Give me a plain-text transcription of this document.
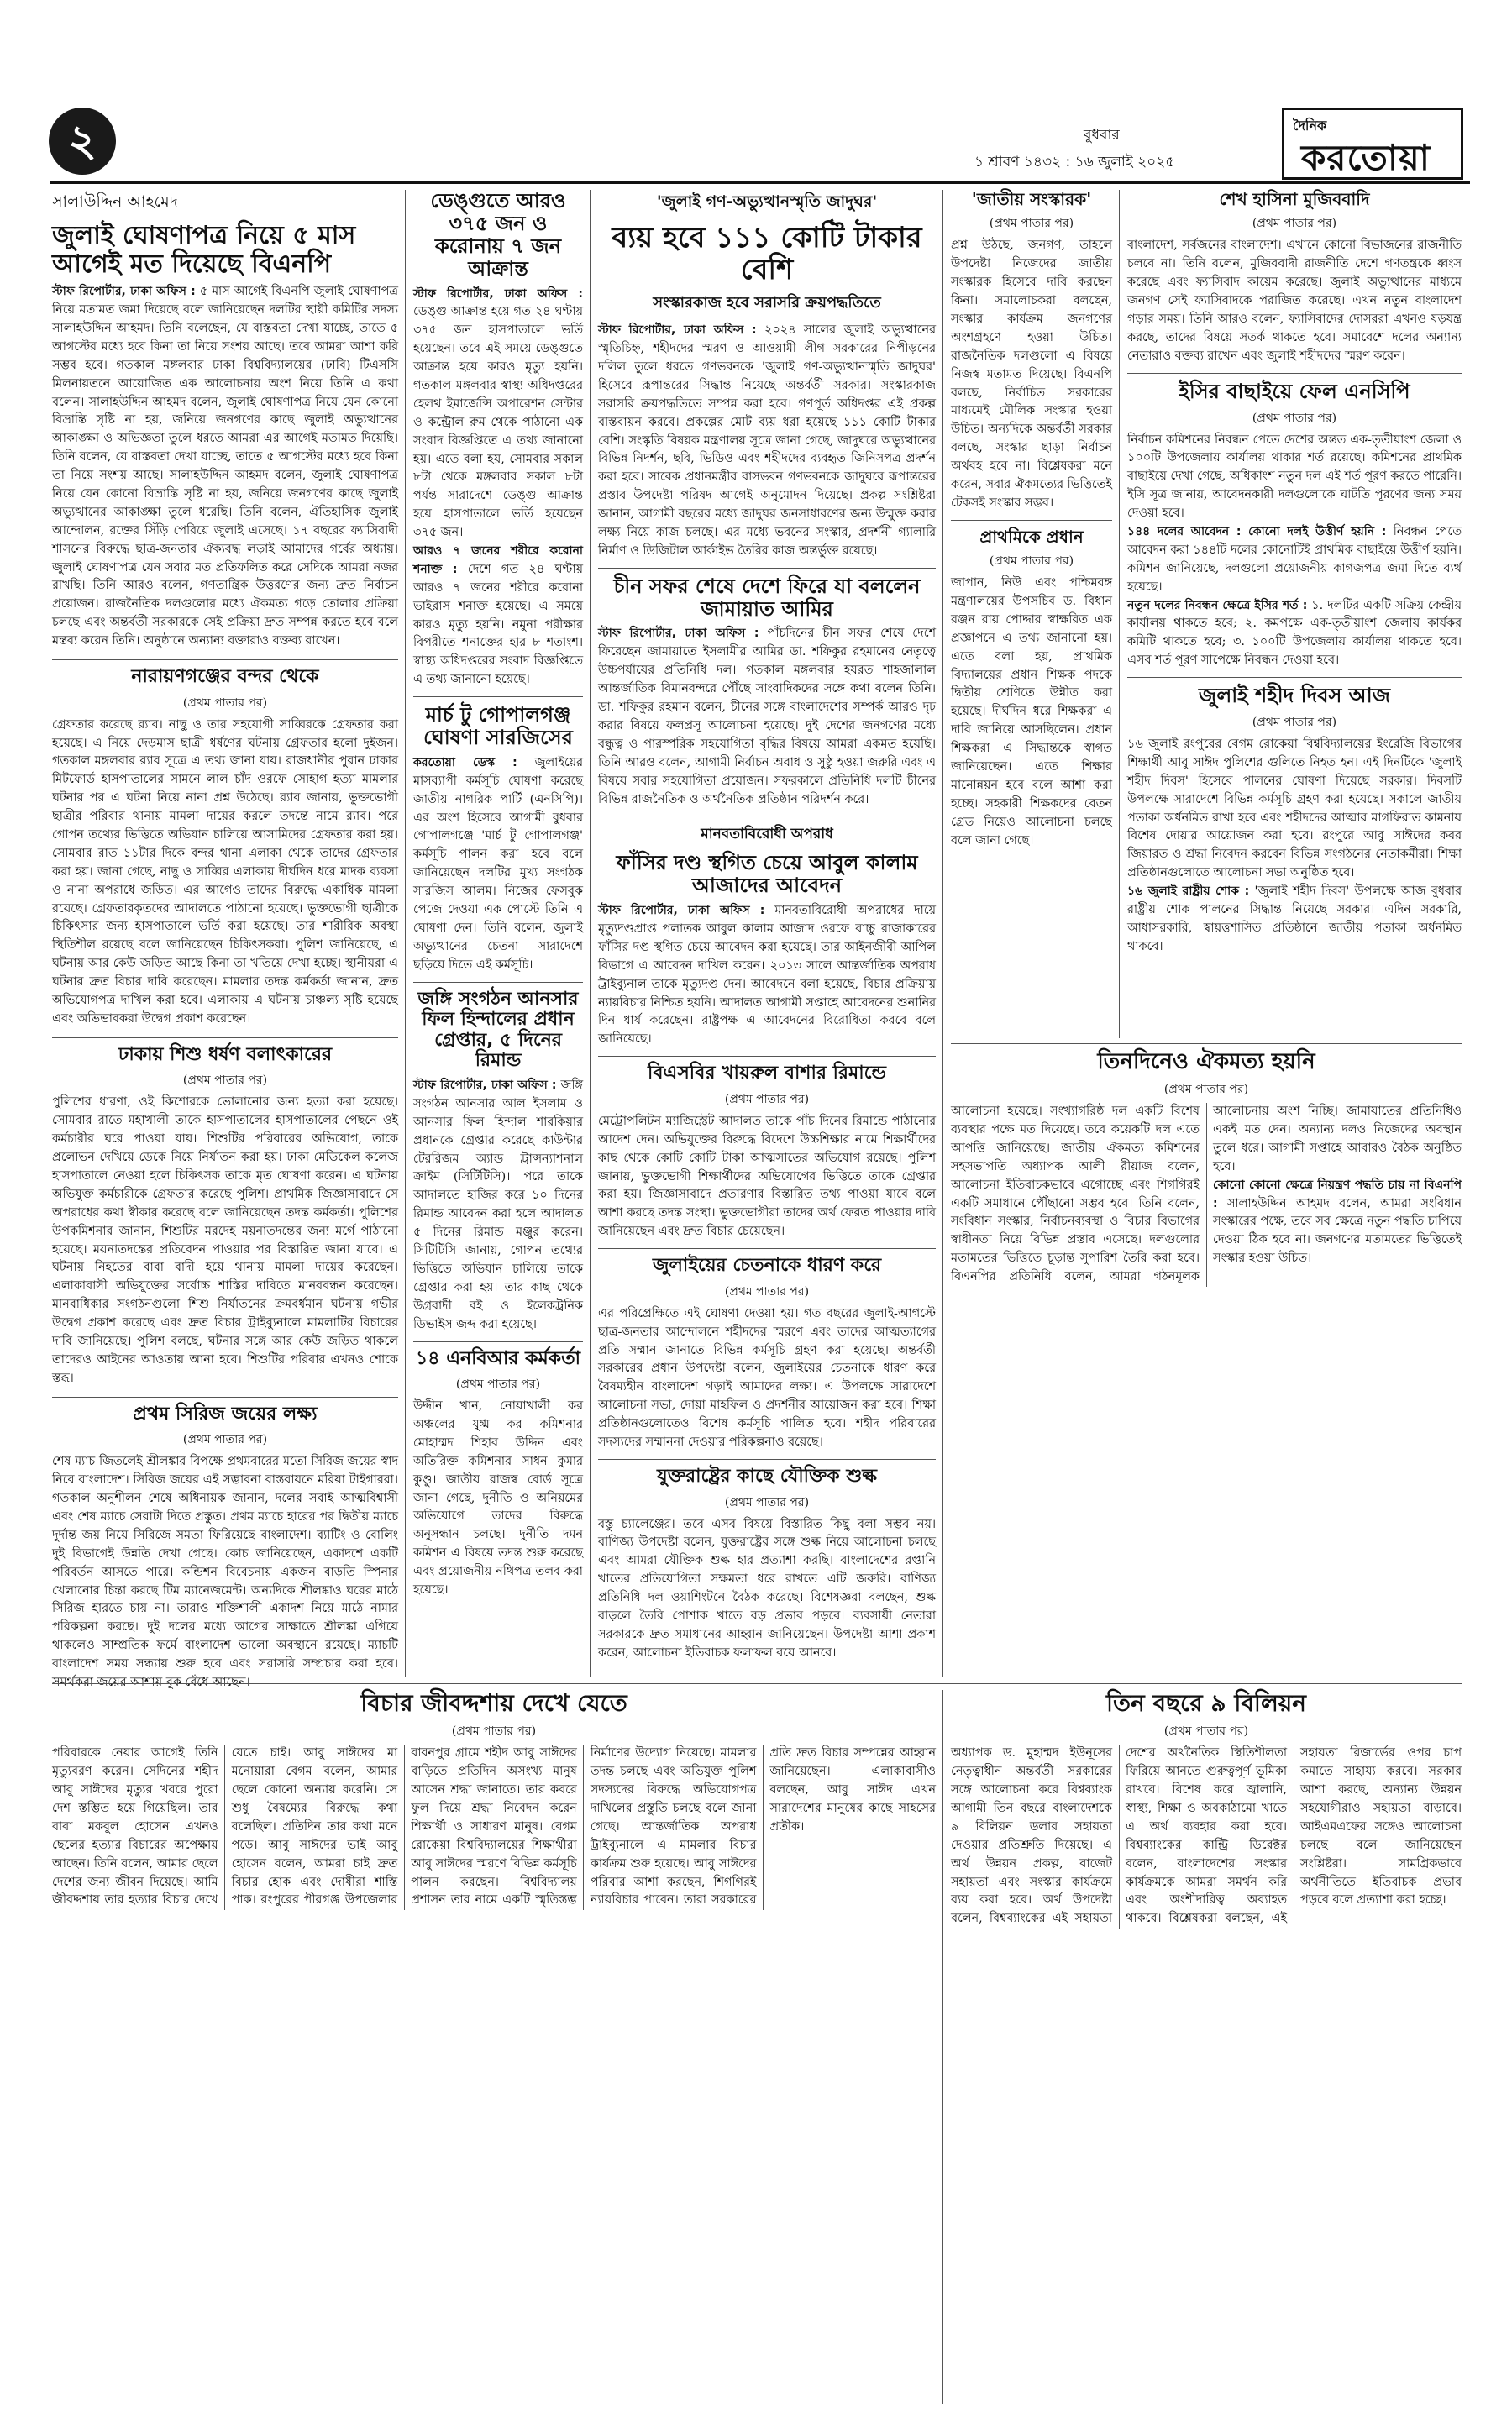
২	বুধবার
১ শ্রাবণ ১৪৩২ : ১৬ জুলাই ২০২৫
দৈনিক
করতোয়া

সালাউদ্দিন আহমেদ

জুলাই ঘোষণাপত্র নিয়ে ৫ মাস আগেই মত দিয়েছে বিএনপি

স্টাফ রিপোর্টার, ঢাকা অফিস : ৫ মাস আগেই বিএনপি জুলাই ঘোষণাপত্র নিয়ে মতামত জমা দিয়েছে বলে জানিয়েছেন দলটির স্থায়ী কমিটির সদস্য সালাহউদ্দিন আহমদ। তিনি বলেছেন, যে বাস্তবতা দেখা যাচ্ছে, তাতে ৫ আগস্টের মধ্যে হবে কিনা তা নিয়ে সংশয় আছে। তবে আমরা আশা করি সম্ভব হবে। গতকাল মঙ্গলবার ঢাকা বিশ্ববিদ্যালয়ের (ঢাবি) টিএসসি মিলনায়তনে আয়োজিত এক আলোচনায় অংশ নিয়ে তিনি এ কথা বলেন। সালাহউদ্দিন আহমদ বলেন, জুলাই ঘোষণাপত্র নিয়ে যেন কোনো বিভ্রান্তি সৃষ্টি না হয়, জনিয়ে জনগণের কাছে জুলাই অভ্যুত্থানের আকাঙ্ক্ষা ও অভিজ্ঞতা তুলে ধরতে আমরা এর আগেই মতামত দিয়েছি। তিনি বলেন, যে বাস্তবতা দেখা যাচ্ছে, তাতে ৫ আগস্টের মধ্যে হবে কিনা তা নিয়ে সংশয় আছে। সালাহউদ্দিন আহমদ বলেন, জুলাই ঘোষণাপত্র নিয়ে যেন কোনো বিভ্রান্তি সৃষ্টি না হয়, জনিয়ে জনগণের কাছে জুলাই অভ্যুত্থানের আকাঙ্ক্ষা তুলে ধরেছি। তিনি বলেন, ঐতিহাসিক জুলাই আন্দোলন, রক্তের সিঁড়ি পেরিয়ে জুলাই এসেছে। ১৭ বছরের ফ্যাসিবাদী শাসনের বিরুদ্ধে ছাত্র-জনতার ঐক্যবদ্ধ লড়াই আমাদের গর্বের অধ্যায়। জুলাই ঘোষণাপত্র যেন সবার মত প্রতিফলিত করে সেদিকে আমরা নজর রাখছি। তিনি আরও বলেন, গণতান্ত্রিক উত্তরণের জন্য দ্রুত নির্বাচন প্রয়োজন। রাজনৈতিক দলগুলোর মধ্যে ঐকমত্য গড়ে তোলার প্রক্রিয়া চলছে এবং অন্তর্বর্তী সরকারকে সেই প্রক্রিয়া দ্রুত সম্পন্ন করতে হবে বলে মন্তব্য করেন তিনি। অনুষ্ঠানে অন্যান্য বক্তারাও বক্তব্য রাখেন।

নারায়ণগঞ্জের বন্দর থেকে

(প্রথম পাতার পর)

গ্রেফতার করেছে র‍্যাব। নাছু ও তার সহযোগী সাব্বিরকে গ্রেফতার করা হয়েছে। এ নিয়ে দেড়মাস ছাত্রী ধর্ষণের ঘটনায় গ্রেফতার হলো দুইজন। গতকাল মঙ্গলবার র‍্যাব সূত্রে এ তথ্য জানা যায়। রাজধানীর পুরান ঢাকার মিটফোর্ড হাসপাতালের সামনে লাল চাঁদ ওরফে সোহাগ হত্যা মামলার ঘটনার পর এ ঘটনা নিয়ে নানা প্রশ্ন উঠেছে। র‍্যাব জানায়, ভুক্তভোগী ছাত্রীর পরিবার থানায় মামলা দায়ের করলে তদন্তে নামে র‍্যাব। পরে গোপন তথ্যের ভিত্তিতে অভিযান চালিয়ে আসামিদের গ্রেফতার করা হয়। সোমবার রাত ১১টার দিকে বন্দর থানা এলাকা থেকে তাদের গ্রেফতার করা হয়। জানা গেছে, নাছু ও সাব্বির এলাকায় দীর্ঘদিন ধরে মাদক ব্যবসা ও নানা অপরাধে জড়িত। এর আগেও তাদের বিরুদ্ধে একাধিক মামলা রয়েছে। গ্রেফতারকৃতদের আদালতে পাঠানো হয়েছে। ভুক্তভোগী ছাত্রীকে চিকিৎসার জন্য হাসপাতালে ভর্তি করা হয়েছে। তার শারীরিক অবস্থা স্থিতিশীল রয়েছে বলে জানিয়েছেন চিকিৎসকরা। পুলিশ জানিয়েছে, এ ঘটনায় আর কেউ জড়িত আছে কিনা তা খতিয়ে দেখা হচ্ছে। স্থানীয়রা এ ঘটনার দ্রুত বিচার দাবি করেছেন। মামলার তদন্ত কর্মকর্তা জানান, দ্রুত অভিযোগপত্র দাখিল করা হবে। এলাকায় এ ঘটনায় চাঞ্চল্য সৃষ্টি হয়েছে এবং অভিভাবকরা উদ্বেগ প্রকাশ করেছেন।

ঢাকায় শিশু ধর্ষণ বলাৎকারের

(প্রথম পাতার পর)

পুলিশের ধারণা, ওই কিশোরকে ভোলানোর জন্য হত্যা করা হয়েছে। সোমবার রাতে মহাখালী তাকে হাসপাতালের হাসপাতালের পেছনে ওই কর্মচারীর ঘরে পাওয়া যায়। শিশুটির পরিবারের অভিযোগ, তাকে প্রলোভন দেখিয়ে ডেকে নিয়ে নির্যাতন করা হয়। ঢাকা মেডিকেল কলেজ হাসপাতালে নেওয়া হলে চিকিৎসক তাকে মৃত ঘোষণা করেন। এ ঘটনায় অভিযুক্ত কর্মচারীকে গ্রেফতার করেছে পুলিশ। প্রাথমিক জিজ্ঞাসাবাদে সে অপরাধের কথা স্বীকার করেছে বলে জানিয়েছেন তদন্ত কর্মকর্তা। পুলিশের উপকমিশনার জানান, শিশুটির মরদেহ ময়নাতদন্তের জন্য মর্গে পাঠানো হয়েছে। ময়নাতদন্তের প্রতিবেদন পাওয়ার পর বিস্তারিত জানা যাবে। এ ঘটনায় নিহতের বাবা বাদী হয়ে থানায় মামলা দায়ের করেছেন। এলাকাবাসী অভিযুক্তের সর্বোচ্চ শাস্তির দাবিতে মানববন্ধন করেছেন। মানবাধিকার সংগঠনগুলো শিশু নির্যাতনের ক্রমবর্ধমান ঘটনায় গভীর উদ্বেগ প্রকাশ করেছে এবং দ্রুত বিচার ট্রাইব্যুনালে মামলাটির বিচারের দাবি জানিয়েছে। পুলিশ বলছে, ঘটনার সঙ্গে আর কেউ জড়িত থাকলে তাদেরও আইনের আওতায় আনা হবে। শিশুটির পরিবার এখনও শোকে স্তব্ধ।

প্রথম সিরিজ জয়ের লক্ষ্য

(প্রথম পাতার পর)

শেষ ম্যাচ জিতলেই শ্রীলঙ্কার বিপক্ষে প্রথমবারের মতো সিরিজ জয়ের স্বাদ নিবে বাংলাদেশ। সিরিজ জয়ের এই সম্ভাবনা বাস্তবায়নে মরিয়া টাইগাররা। গতকাল অনুশীলন শেষে অধিনায়ক জানান, দলের সবাই আত্মবিশ্বাসী এবং শেষ ম্যাচে সেরাটা দিতে প্রস্তুত। প্রথম ম্যাচে হারের পর দ্বিতীয় ম্যাচে দুর্দান্ত জয় নিয়ে সিরিজে সমতা ফিরিয়েছে বাংলাদেশ। ব্যাটিং ও বোলিং দুই বিভাগেই উন্নতি দেখা গেছে। কোচ জানিয়েছেন, একাদশে একটি পরিবর্তন আসতে পারে। কন্ডিশন বিবেচনায় একজন বাড়তি স্পিনার খেলানোর চিন্তা করছে টিম ম্যানেজমেন্ট। অন্যদিকে শ্রীলঙ্কাও ঘরের মাঠে সিরিজ হারতে চায় না। তারাও শক্তিশালী একাদশ নিয়ে মাঠে নামার পরিকল্পনা করছে। দুই দলের মধ্যে আগের সাক্ষাতে শ্রীলঙ্কা এগিয়ে থাকলেও সাম্প্রতিক ফর্মে বাংলাদেশ ভালো অবস্থানে রয়েছে। ম্যাচটি বাংলাদেশ সময় সন্ধ্যায় শুরু হবে এবং সরাসরি সম্প্রচার করা হবে। সমর্থকরা জয়ের আশায় বুক বেঁধে আছেন।

ডেঙ্গুতে আরও ৩৭৫ জন ও করোনায় ৭ জন আক্রান্ত

স্টাফ রিপোর্টার, ঢাকা অফিস : ডেঙ্গু আক্রান্ত হয়ে গত ২৪ ঘণ্টায় ৩৭৫ জন হাসপাতালে ভর্তি হয়েছেন। তবে এই সময়ে ডেঙ্গুতে আক্রান্ত হয়ে কারও মৃত্যু হয়নি। গতকাল মঙ্গলবার স্বাস্থ্য অধিদপ্তরের হেলথ ইমার্জেন্সি অপারেশন সেন্টার ও কন্ট্রোল রুম থেকে পাঠানো এক সংবাদ বিজ্ঞপ্তিতে এ তথ্য জানানো হয়। এতে বলা হয়, সোমবার সকাল ৮টা থেকে মঙ্গলবার সকাল ৮টা পর্যন্ত সারাদেশে ডেঙ্গু আক্রান্ত হয়ে হাসপাতালে ভর্তি হয়েছেন ৩৭৫ জন।

আরও ৭ জনের শরীরে করোনা শনাক্ত : দেশে গত ২৪ ঘণ্টায় আরও ৭ জনের শরীরে করোনা ভাইরাস শনাক্ত হয়েছে। এ সময়ে কারও মৃত্যু হয়নি। নমুনা পরীক্ষার বিপরীতে শনাক্তের হার ৮ শতাংশ। স্বাস্থ্য অধিদপ্তরের সংবাদ বিজ্ঞপ্তিতে এ তথ্য জানানো হয়েছে।

মার্চ টু গোপালগঞ্জ ঘোষণা সারজিসের

করতোয়া ডেস্ক : জুলাইয়ের মাসব্যাপী কর্মসূচি ঘোষণা করেছে জাতীয় নাগরিক পার্টি (এনসিপি)। এর অংশ হিসেবে আগামী বুধবার গোপালগঞ্জে 'মার্চ টু গোপালগঞ্জ' কর্মসূচি পালন করা হবে বলে জানিয়েছেন দলটির মুখ্য সংগঠক সারজিস আলম। নিজের ফেসবুক পেজে দেওয়া এক পোস্টে তিনি এ ঘোষণা দেন। তিনি বলেন, জুলাই অভ্যুত্থানের চেতনা সারাদেশে ছড়িয়ে দিতে এই কর্মসূচি।

জঙ্গি সংগঠন আনসার ফিল হিন্দালের প্রধান গ্রেপ্তার, ৫ দিনের রিমান্ড

স্টাফ রিপোর্টার, ঢাকা অফিস : জঙ্গি সংগঠন আনসার আল ইসলাম ও আনসার ফিল হিন্দাল শারকিয়ার প্রধানকে গ্রেপ্তার করেছে কাউন্টার টেররিজম অ্যান্ড ট্রান্সন্যাশনাল ক্রাইম (সিটিটিসি)। পরে তাকে আদালতে হাজির করে ১০ দিনের রিমান্ড আবেদন করা হলে আদালত ৫ দিনের রিমান্ড মঞ্জুর করেন। সিটিটিসি জানায়, গোপন তথ্যের ভিত্তিতে অভিযান চালিয়ে তাকে গ্রেপ্তার করা হয়। তার কাছ থেকে উগ্রবাদী বই ও ইলেকট্রনিক ডিভাইস জব্দ করা হয়েছে।

১৪ এনবিআর কর্মকর্তা

(প্রথম পাতার পর)

উদ্দীন খান, নোয়াখালী কর অঞ্চলের যুগ্ম কর কমিশনার মোহাম্মদ শিহাব উদ্দিন এবং অতিরিক্ত কমিশনার সাধন কুমার কুণ্ডু। জাতীয় রাজস্ব বোর্ড সূত্রে জানা গেছে, দুর্নীতি ও অনিয়মের অভিযোগে তাদের বিরুদ্ধে অনুসন্ধান চলছে। দুর্নীতি দমন কমিশন এ বিষয়ে তদন্ত শুরু করেছে এবং প্রয়োজনীয় নথিপত্র তলব করা হয়েছে।

'জুলাই গণ-অভ্যুত্থানস্মৃতি জাদুঘর'

ব্যয় হবে ১১১ কোটি টাকার বেশি

সংস্কারকাজ হবে সরাসরি ক্রয়পদ্ধতিতে

স্টাফ রিপোর্টার, ঢাকা অফিস : ২০২৪ সালের জুলাই অভ্যুত্থানের স্মৃতিচিহ্ন, শহীদদের স্মরণ ও আওয়ামী লীগ সরকারের নিপীড়নের দলিল তুলে ধরতে গণভবনকে 'জুলাই গণ-অভ্যুত্থানস্মৃতি জাদুঘর' হিসেবে রূপান্তরের সিদ্ধান্ত নিয়েছে অন্তর্বর্তী সরকার। সংস্কারকাজ সরাসরি ক্রয়পদ্ধতিতে সম্পন্ন করা হবে। গণপূর্ত অধিদপ্তর এই প্রকল্প বাস্তবায়ন করবে। প্রকল্পের মোট ব্যয় ধরা হয়েছে ১১১ কোটি টাকার বেশি। সংস্কৃতি বিষয়ক মন্ত্রণালয় সূত্রে জানা গেছে, জাদুঘরে অভ্যুত্থানের বিভিন্ন নিদর্শন, ছবি, ভিডিও এবং শহীদদের ব্যবহৃত জিনিসপত্র প্রদর্শন করা হবে। সাবেক প্রধানমন্ত্রীর বাসভবন গণভবনকে জাদুঘরে রূপান্তরের প্রস্তাব উপদেষ্টা পরিষদ আগেই অনুমোদন দিয়েছে। প্রকল্প সংশ্লিষ্টরা জানান, আগামী বছরের মধ্যে জাদুঘর জনসাধারণের জন্য উন্মুক্ত করার লক্ষ্য নিয়ে কাজ চলছে। এর মধ্যে ভবনের সংস্কার, প্রদর্শনী গ্যালারি নির্মাণ ও ডিজিটাল আর্কাইভ তৈরির কাজ অন্তর্ভুক্ত রয়েছে।

চীন সফর শেষে দেশে ফিরে যা বললেন জামায়াত আমির

স্টাফ রিপোর্টার, ঢাকা অফিস : পাঁচদিনের চীন সফর শেষে দেশে ফিরেছেন জামায়াতে ইসলামীর আমির ডা. শফিকুর রহমানের নেতৃত্বে উচ্চপর্যায়ের প্রতিনিধি দল। গতকাল মঙ্গলবার হযরত শাহজালাল আন্তর্জাতিক বিমানবন্দরে পৌঁছে সাংবাদিকদের সঙ্গে কথা বলেন তিনি। ডা. শফিকুর রহমান বলেন, চীনের সঙ্গে বাংলাদেশের সম্পর্ক আরও দৃঢ় করার বিষয়ে ফলপ্রসূ আলোচনা হয়েছে। দুই দেশের জনগণের মধ্যে বন্ধুত্ব ও পারস্পরিক সহযোগিতা বৃদ্ধির বিষয়ে আমরা একমত হয়েছি। তিনি আরও বলেন, আগামী নির্বাচন অবাধ ও সুষ্ঠু হওয়া জরুরি এবং এ বিষয়ে সবার সহযোগিতা প্রয়োজন। সফরকালে প্রতিনিধি দলটি চীনের বিভিন্ন রাজনৈতিক ও অর্থনৈতিক প্রতিষ্ঠান পরিদর্শন করে।

মানবতাবিরোধী অপরাধ

ফাঁসির দণ্ড স্থগিত চেয়ে আবুল কালাম আজাদের আবেদন

স্টাফ রিপোর্টার, ঢাকা অফিস : মানবতাবিরোধী অপরাধের দায়ে মৃত্যুদণ্ডপ্রাপ্ত পলাতক আবুল কালাম আজাদ ওরফে বাচ্চু রাজাকারের ফাঁসির দণ্ড স্থগিত চেয়ে আবেদন করা হয়েছে। তার আইনজীবী আপিল বিভাগে এ আবেদন দাখিল করেন। ২০১৩ সালে আন্তর্জাতিক অপরাধ ট্রাইব্যুনাল তাকে মৃত্যুদণ্ড দেন। আবেদনে বলা হয়েছে, বিচার প্রক্রিয়ায় ন্যায়বিচার নিশ্চিত হয়নি। আদালত আগামী সপ্তাহে আবেদনের শুনানির দিন ধার্য করেছেন। রাষ্ট্রপক্ষ এ আবেদনের বিরোধিতা করবে বলে জানিয়েছে।

বিএসবির খায়রুল বাশার রিমান্ডে

(প্রথম পাতার পর)

মেট্রোপলিটন ম্যাজিস্ট্রেট আদালত তাকে পাঁচ দিনের রিমান্ডে পাঠানোর আদেশ দেন। অভিযুক্তের বিরুদ্ধে বিদেশে উচ্চশিক্ষার নামে শিক্ষার্থীদের কাছ থেকে কোটি কোটি টাকা আত্মসাতের অভিযোগ রয়েছে। পুলিশ জানায়, ভুক্তভোগী শিক্ষার্থীদের অভিযোগের ভিত্তিতে তাকে গ্রেপ্তার করা হয়। জিজ্ঞাসাবাদে প্রতারণার বিস্তারিত তথ্য পাওয়া যাবে বলে আশা করছে তদন্ত সংস্থা। ভুক্তভোগীরা তাদের অর্থ ফেরত পাওয়ার দাবি জানিয়েছেন এবং দ্রুত বিচার চেয়েছেন।

জুলাইয়ের চেতনাকে ধারণ করে

(প্রথম পাতার পর)

এর পরিপ্রেক্ষিতে এই ঘোষণা দেওয়া হয়। গত বছরের জুলাই-আগস্টে ছাত্র-জনতার আন্দোলনে শহীদদের স্মরণে এবং তাদের আত্মত্যাগের প্রতি সম্মান জানাতে বিভিন্ন কর্মসূচি গ্রহণ করা হয়েছে। অন্তর্বর্তী সরকারের প্রধান উপদেষ্টা বলেন, জুলাইয়ের চেতনাকে ধারণ করে বৈষম্যহীন বাংলাদেশ গড়াই আমাদের লক্ষ্য। এ উপলক্ষে সারাদেশে আলোচনা সভা, দোয়া মাহফিল ও প্রদর্শনীর আয়োজন করা হবে। শিক্ষা প্রতিষ্ঠানগুলোতেও বিশেষ কর্মসূচি পালিত হবে। শহীদ পরিবারের সদস্যদের সম্মাননা দেওয়ার পরিকল্পনাও রয়েছে।

যুক্তরাষ্ট্রের কাছে যৌক্তিক শুল্ক

(প্রথম পাতার পর)

বস্তু চ্যালেঞ্জের। তবে এসব বিষয়ে বিস্তারিত কিছু বলা সম্ভব নয়। বাণিজ্য উপদেষ্টা বলেন, যুক্তরাষ্ট্রের সঙ্গে শুল্ক নিয়ে আলোচনা চলছে এবং আমরা যৌক্তিক শুল্ক হার প্রত্যাশা করছি। বাংলাদেশের রপ্তানি খাতের প্রতিযোগিতা সক্ষমতা ধরে রাখতে এটি জরুরি। বাণিজ্য প্রতিনিধি দল ওয়াশিংটনে বৈঠক করেছে। বিশেষজ্ঞরা বলছেন, শুল্ক বাড়লে তৈরি পোশাক খাতে বড় প্রভাব পড়বে। ব্যবসায়ী নেতারা সরকারকে দ্রুত সমাধানের আহ্বান জানিয়েছেন। উপদেষ্টা আশা প্রকাশ করেন, আলোচনা ইতিবাচক ফলাফল বয়ে আনবে।

'জাতীয় সংস্কারক'

(প্রথম পাতার পর)

প্রশ্ন উঠছে, জনগণ, তাহলে উপদেষ্টা নিজেদের জাতীয় সংস্কারক হিসেবে দাবি করছেন কিনা। সমালোচকরা বলছেন, সংস্কার কার্যক্রম জনগণের অংশগ্রহণে হওয়া উচিত। রাজনৈতিক দলগুলো এ বিষয়ে নিজস্ব মতামত দিয়েছে। বিএনপি বলছে, নির্বাচিত সরকারের মাধ্যমেই মৌলিক সংস্কার হওয়া উচিত। অন্যদিকে অন্তর্বর্তী সরকার বলছে, সংস্কার ছাড়া নির্বাচন অর্থবহ হবে না। বিশ্লেষকরা মনে করেন, সবার ঐকমত্যের ভিত্তিতেই টেকসই সংস্কার সম্ভব।

প্রাথমিকে প্রধান

(প্রথম পাতার পর)

জাপান, নিউ এবং পশ্চিমবঙ্গ মন্ত্রণালয়ের উপসচিব ড. বিধান রঞ্জন রায় পোদ্দার স্বাক্ষরিত এক প্রজ্ঞাপনে এ তথ্য জানানো হয়। এতে বলা হয়, প্রাথমিক বিদ্যালয়ের প্রধান শিক্ষক পদকে দ্বিতীয় শ্রেণিতে উন্নীত করা হয়েছে। দীর্ঘদিন ধরে শিক্ষকরা এ দাবি জানিয়ে আসছিলেন। প্রধান শিক্ষকরা এ সিদ্ধান্তকে স্বাগত জানিয়েছেন। এতে শিক্ষার মানোন্নয়ন হবে বলে আশা করা হচ্ছে। সহকারী শিক্ষকদের বেতন গ্রেড নিয়েও আলোচনা চলছে বলে জানা গেছে।

শেখ হাসিনা মুজিববাদি

(প্রথম পাতার পর)

বাংলাদেশ, সর্বজনের বাংলাদেশ। এখানে কোনো বিভাজনের রাজনীতি চলবে না। তিনি বলেন, মুজিববাদী রাজনীতি দেশে গণতন্ত্রকে ধ্বংস করেছে এবং ফ্যাসিবাদ কায়েম করেছে। জুলাই অভ্যুত্থানের মাধ্যমে জনগণ সেই ফ্যাসিবাদকে পরাজিত করেছে। এখন নতুন বাংলাদেশ গড়ার সময়। তিনি আরও বলেন, ফ্যাসিবাদের দোসররা এখনও ষড়যন্ত্র করছে, তাদের বিষয়ে সতর্ক থাকতে হবে। সমাবেশে দলের অন্যান্য নেতারাও বক্তব্য রাখেন এবং জুলাই শহীদদের স্মরণ করেন।

ইসির বাছাইয়ে ফেল এনসিপি

(প্রথম পাতার পর)

নির্বাচন কমিশনের নিবন্ধন পেতে দেশের অন্তত এক-তৃতীয়াংশ জেলা ও ১০০টি উপজেলায় কার্যালয় থাকার শর্ত রয়েছে। কমিশনের প্রাথমিক বাছাইয়ে দেখা গেছে, অধিকাংশ নতুন দল এই শর্ত পূরণ করতে পারেনি। ইসি সূত্র জানায়, আবেদনকারী দলগুলোকে ঘাটতি পূরণের জন্য সময় দেওয়া হবে।

১৪৪ দলের আবেদন : কোনো দলই উত্তীর্ণ হয়নি : নিবন্ধন পেতে আবেদন করা ১৪৪টি দলের কোনোটিই প্রাথমিক বাছাইয়ে উত্তীর্ণ হয়নি। কমিশন জানিয়েছে, দলগুলো প্রয়োজনীয় কাগজপত্র জমা দিতে ব্যর্থ হয়েছে।

নতুন দলের নিবন্ধন ক্ষেত্রে ইসির শর্ত : ১. দলটির একটি সক্রিয় কেন্দ্রীয় কার্যালয় থাকতে হবে; ২. কমপক্ষে এক-তৃতীয়াংশ জেলায় কার্যকর কমিটি থাকতে হবে; ৩. ১০০টি উপজেলায় কার্যালয় থাকতে হবে। এসব শর্ত পূরণ সাপেক্ষে নিবন্ধন দেওয়া হবে।

জুলাই শহীদ দিবস আজ

(প্রথম পাতার পর)

১৬ জুলাই রংপুরের বেগম রোকেয়া বিশ্ববিদ্যালয়ের ইংরেজি বিভাগের শিক্ষার্থী আবু সাঈদ পুলিশের গুলিতে নিহত হন। এই দিনটিকে 'জুলাই শহীদ দিবস' হিসেবে পালনের ঘোষণা দিয়েছে সরকার। দিবসটি উপলক্ষে সারাদেশে বিভিন্ন কর্মসূচি গ্রহণ করা হয়েছে। সকালে জাতীয় পতাকা অর্ধনমিত রাখা হবে এবং শহীদদের আত্মার মাগফিরাত কামনায় বিশেষ দোয়ার আয়োজন করা হবে। রংপুরে আবু সাঈদের কবর জিয়ারত ও শ্রদ্ধা নিবেদন করবেন বিভিন্ন সংগঠনের নেতাকর্মীরা। শিক্ষা প্রতিষ্ঠানগুলোতে আলোচনা সভা অনুষ্ঠিত হবে।

১৬ জুলাই রাষ্ট্রীয় শোক : 'জুলাই শহীদ দিবস' উপলক্ষে আজ বুধবার রাষ্ট্রীয় শোক পালনের সিদ্ধান্ত নিয়েছে সরকার। এদিন সরকারি, আধাসরকারি, স্বায়ত্তশাসিত প্রতিষ্ঠানে জাতীয় পতাকা অর্ধনমিত থাকবে।

তিনদিনেও ঐকমত্য হয়নি

(প্রথম পাতার পর)

আলোচনা হয়েছে। সংখ্যাগরিষ্ঠ দল একটি বিশেষ ব্যবস্থার পক্ষে মত দিয়েছে। তবে কয়েকটি দল এতে আপত্তি জানিয়েছে। জাতীয় ঐকমত্য কমিশনের সহসভাপতি অধ্যাপক আলী রীয়াজ বলেন, আলোচনা ইতিবাচকভাবে এগোচ্ছে এবং শিগগিরই একটি সমাধানে পৌঁছানো সম্ভব হবে। তিনি বলেন, সংবিধান সংস্কার, নির্বাচনব্যবস্থা ও বিচার বিভাগের স্বাধীনতা নিয়ে বিভিন্ন প্রস্তাব এসেছে। দলগুলোর মতামতের ভিত্তিতে চূড়ান্ত সুপারিশ তৈরি করা হবে। বিএনপির প্রতিনিধি বলেন, আমরা গঠনমূলক আলোচনায় অংশ নিচ্ছি। জামায়াতের প্রতিনিধিও একই মত দেন। অন্যান্য দলও নিজেদের অবস্থান তুলে ধরে। আগামী সপ্তাহে আবারও বৈঠক অনুষ্ঠিত হবে।

কোনো কোনো ক্ষেত্রে নিয়ন্ত্রণ পদ্ধতি চায় না বিএনপি : সালাহউদ্দিন আহমদ বলেন, আমরা সংবিধান সংস্কারের পক্ষে, তবে সব ক্ষেত্রে নতুন পদ্ধতি চাপিয়ে দেওয়া ঠিক হবে না। জনগণের মতামতের ভিত্তিতেই সংস্কার হওয়া উচিত।

বিচার জীবদ্দশায় দেখে যেতে

(প্রথম পাতার পর)

পরিবারকে নেয়ার আগেই তিনি মৃত্যুবরণ করেন। সেদিনের শহীদ আবু সাঈদের মৃত্যুর খবরে পুরো দেশ স্তম্ভিত হয়ে গিয়েছিল। তার বাবা মকবুল হোসেন এখনও ছেলের হত্যার বিচারের অপেক্ষায় আছেন। তিনি বলেন, আমার ছেলে দেশের জন্য জীবন দিয়েছে। আমি জীবদ্দশায় তার হত্যার বিচার দেখে যেতে চাই। আবু সাঈদের মা মনোয়ারা বেগম বলেন, আমার ছেলে কোনো অন্যায় করেনি। সে শুধু বৈষম্যের বিরুদ্ধে কথা বলেছিল। প্রতিদিন তার কথা মনে পড়ে। আবু সাঈদের ভাই আবু হোসেন বলেন, আমরা চাই দ্রুত বিচার হোক এবং দোষীরা শাস্তি পাক। রংপুরের পীরগঞ্জ উপজেলার বাবনপুর গ্রামে শহীদ আবু সাঈদের বাড়িতে প্রতিদিন অসংখ্য মানুষ আসেন শ্রদ্ধা জানাতে। তার কবরে ফুল দিয়ে শ্রদ্ধা নিবেদন করেন শিক্ষার্থী ও সাধারণ মানুষ। বেগম রোকেয়া বিশ্ববিদ্যালয়ের শিক্ষার্থীরা আবু সাঈদের স্মরণে বিভিন্ন কর্মসূচি পালন করছেন। বিশ্ববিদ্যালয় প্রশাসন তার নামে একটি স্মৃতিস্তম্ভ নির্মাণের উদ্যোগ নিয়েছে। মামলার তদন্ত চলছে এবং অভিযুক্ত পুলিশ সদস্যদের বিরুদ্ধে অভিযোগপত্র দাখিলের প্রস্তুতি চলছে বলে জানা গেছে। আন্তর্জাতিক অপরাধ ট্রাইব্যুনালে এ মামলার বিচার কার্যক্রম শুরু হয়েছে। আবু সাঈদের পরিবার আশা করছেন, শিগগিরই ন্যায়বিচার পাবেন। তারা সরকারের প্রতি দ্রুত বিচার সম্পন্নের আহ্বান জানিয়েছেন। এলাকাবাসীও বলছেন, আবু সাঈদ এখন সারাদেশের মানুষের কাছে সাহসের প্রতীক।

তিন বছরে ৯ বিলিয়ন

(প্রথম পাতার পর)

অধ্যাপক ড. মুহাম্মদ ইউনূসের নেতৃত্বাধীন অন্তর্বর্তী সরকারের সঙ্গে আলোচনা করে বিশ্বব্যাংক আগামী তিন বছরে বাংলাদেশকে ৯ বিলিয়ন ডলার সহায়তা দেওয়ার প্রতিশ্রুতি দিয়েছে। এ অর্থ উন্নয়ন প্রকল্প, বাজেট সহায়তা এবং সংস্কার কার্যক্রমে ব্যয় করা হবে। অর্থ উপদেষ্টা বলেন, বিশ্বব্যাংকের এই সহায়তা দেশের অর্থনৈতিক স্থিতিশীলতা ফিরিয়ে আনতে গুরুত্বপূর্ণ ভূমিকা রাখবে। বিশেষ করে জ্বালানি, স্বাস্থ্য, শিক্ষা ও অবকাঠামো খাতে এ অর্থ ব্যবহার করা হবে। বিশ্বব্যাংকের কান্ট্রি ডিরেক্টর বলেন, বাংলাদেশের সংস্কার কার্যক্রমকে আমরা সমর্থন করি এবং অংশীদারিত্ব অব্যাহত থাকবে। বিশ্লেষকরা বলছেন, এই সহায়তা রিজার্ভের ওপর চাপ কমাতে সাহায্য করবে। সরকার আশা করছে, অন্যান্য উন্নয়ন সহযোগীরাও সহায়তা বাড়াবে। আইএমএফের সঙ্গেও আলোচনা চলছে বলে জানিয়েছেন সংশ্লিষ্টরা। সামগ্রিকভাবে অর্থনীতিতে ইতিবাচক প্রভাব পড়বে বলে প্রত্যাশা করা হচ্ছে।
